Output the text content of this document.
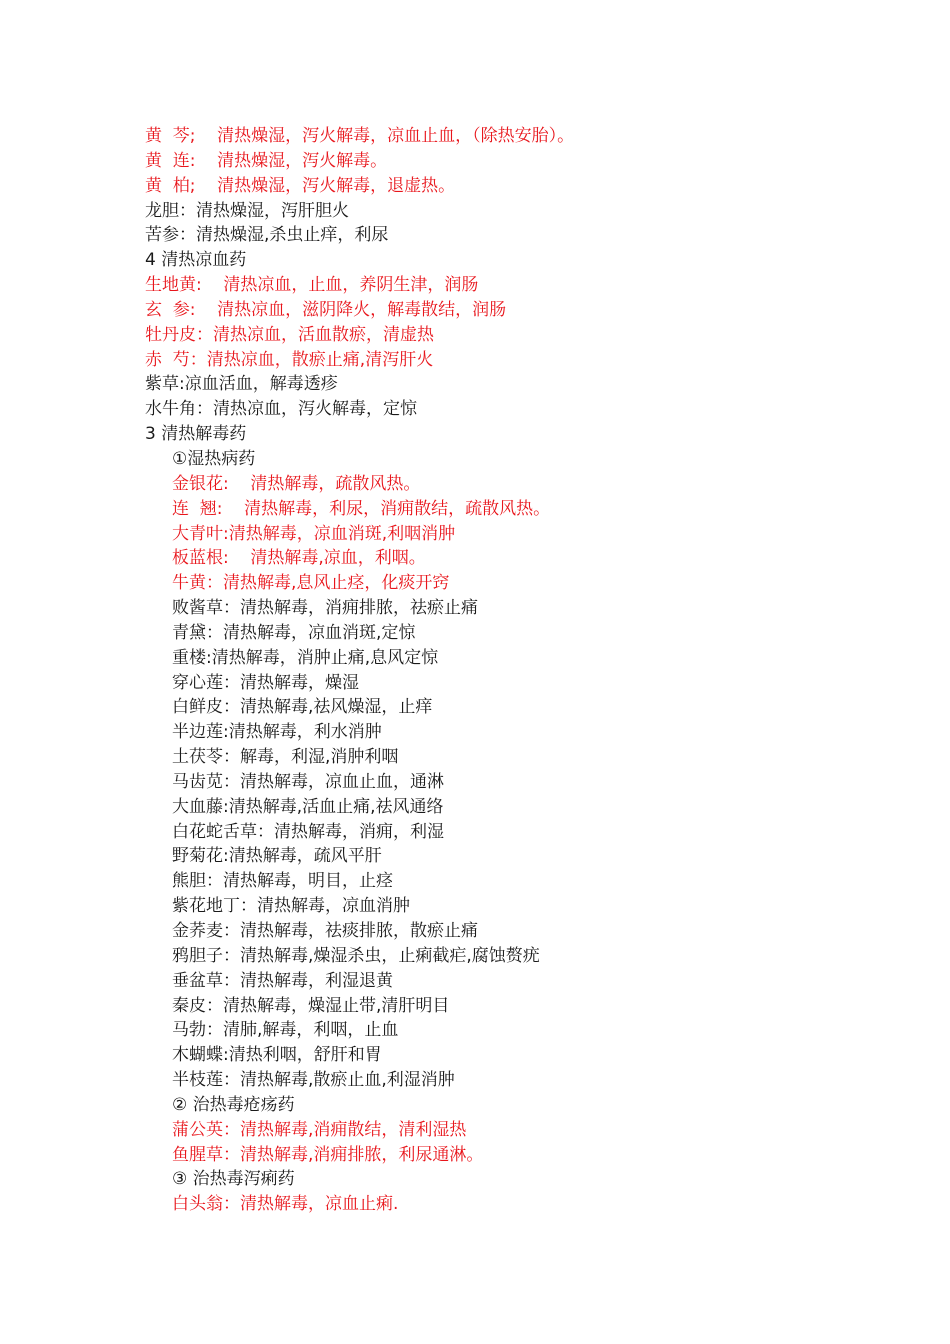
黄  芩;    清热燥湿，泻火解毒，凉血止血，（除热安胎）。
黄  连:    清热燥湿，泻火解毒。
黄  柏;    清热燥湿，泻火解毒，退虚热。
龙胆：清热燥湿，泻肝胆火
苦参：清热燥湿,杀虫止痒，利尿
4 清热凉血药
生地黄:    清热凉血，止血，养阴生津，润肠
玄  参:    清热凉血，滋阴降火，解毒散结，润肠
牡丹皮：清热凉血，活血散瘀，清虚热
赤  芍：清热凉血，散瘀止痛,清泻肝火
紫草:凉血活血，解毒透疹
水牛角：清热凉血，泻火解毒，定惊
3 清热解毒药
①湿热病药
金银花:    清热解毒，疏散风热。
连  翘:    清热解毒，利尿，消痈散结，疏散风热。
大青叶:清热解毒，凉血消斑,利咽消肿
板蓝根:    清热解毒,凉血，利咽。
牛黄：清热解毒,息风止痉，化痰开窍
败酱草：清热解毒，消痈排脓，祛瘀止痛
青黛：清热解毒，凉血消斑,定惊
重楼:清热解毒，消肿止痛,息风定惊
穿心莲：清热解毒，燥湿
白鲜皮：清热解毒,祛风燥湿，止痒
半边莲:清热解毒，利水消肿
土茯苓：解毒，利湿,消肿利咽
马齿苋：清热解毒，凉血止血，通淋
大血藤:清热解毒,活血止痛,祛风通络
白花蛇舌草：清热解毒，消痈，利湿
野菊花:清热解毒，疏风平肝
熊胆：清热解毒，明目，止痉
紫花地丁：清热解毒，凉血消肿
金荞麦：清热解毒，祛痰排脓，散瘀止痛
鸦胆子：清热解毒,燥湿杀虫，止痢截疟,腐蚀赘疣
垂盆草：清热解毒，利湿退黄
秦皮：清热解毒，燥湿止带,清肝明目
马勃：清肺,解毒，利咽，止血
木蝴蝶:清热利咽，舒肝和胃
半枝莲：清热解毒,散瘀止血,利湿消肿
② 治热毒疮疡药
蒲公英：清热解毒,消痈散结，清利湿热
鱼腥草：清热解毒,消痈排脓，利尿通淋。
③ 治热毒泻痢药
白头翁：清热解毒，凉血止痢.
